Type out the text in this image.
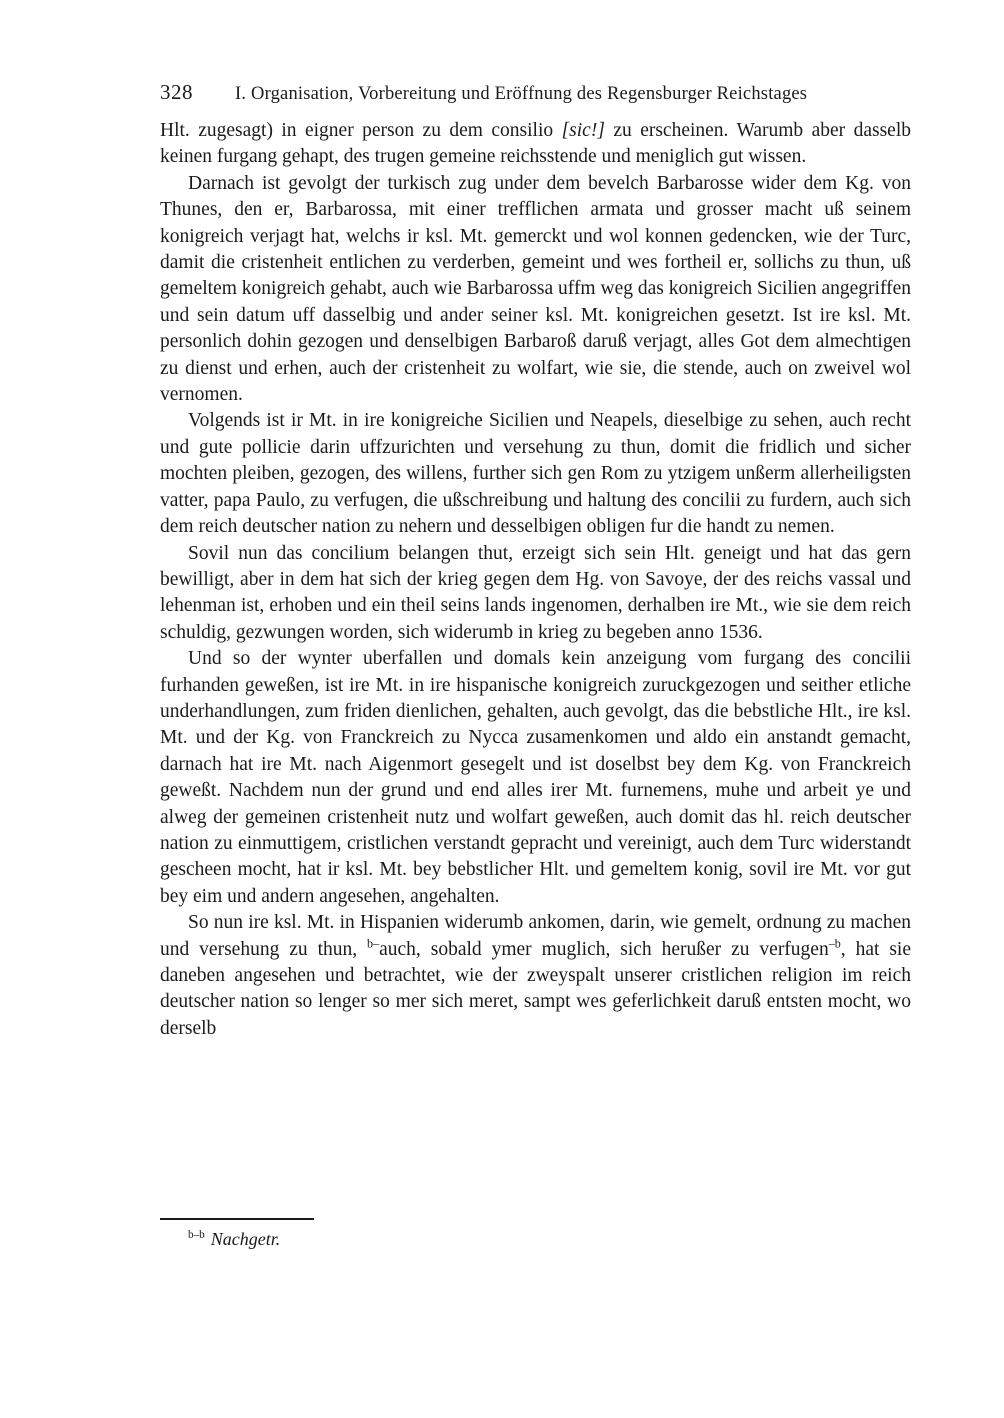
328 I. Organisation, Vorbereitung und Eröffnung des Regensburger Reichstages

Hlt. zugesagt) in eigner person zu dem consilio [sic!] zu erscheinen. Warumb aber dasselb keinen furgang gehapt, des trugen gemeine reichsstende und meniglich gut wissen.

Darnach ist gevolgt der turkisch zug under dem bevelch Barbarosse wider dem Kg. von Thunes, den er, Barbarossa, mit einer trefflichen armata und grosser macht uß seinem konigreich verjagt hat, welchs ir ksl. Mt. gemerckt und wol konnen gedencken, wie der Turc, damit die cristenheit entlichen zu verderben, gemeint und wes fortheil er, sollichs zu thun, uß gemeltem konigreich gehabt, auch wie Barbarossa uffm weg das konigreich Sicilien angegriffen und sein datum uff dasselbig und ander seiner ksl. Mt. konigreichen gesetzt. Ist ire ksl. Mt. personlich dohin gezogen und denselbigen Barbaroß daruß verjagt, alles Got dem almechtigen zu dienst und erhen, auch der cristenheit zu wolfart, wie sie, die stende, auch on zweivel wol vernomen.

Volgends ist ir Mt. in ire konigreiche Sicilien und Neapels, dieselbige zu sehen, auch recht und gute pollicie darin uffzurichten und versehung zu thun, domit die fridlich und sicher mochten pleiben, gezogen, des willens, further sich gen Rom zu ytzigem unßerm allerheiligsten vatter, papa Paulo, zu verfugen, die ußschreibung und haltung des concilii zu furdern, auch sich dem reich deutscher nation zu nehern und desselbigen obligen fur die handt zu nemen.

Sovil nun das concilium belangen thut, erzeigt sich sein Hlt. geneigt und hat das gern bewilligt, aber in dem hat sich der krieg gegen dem Hg. von Savoye, der des reichs vassal und lehenman ist, erhoben und ein theil seins lands ingenomen, derhalben ire Mt., wie sie dem reich schuldig, gezwungen worden, sich widerumb in krieg zu begeben anno 1536.

Und so der wynter uberfallen und domals kein anzeigung vom furgang des concilii furhanden geweßen, ist ire Mt. in ire hispanische konigreich zuruckgezogen und seither etliche underhandlungen, zum friden dienlichen, gehalten, auch gevolgt, das die bebstliche Hlt., ire ksl. Mt. und der Kg. von Franckreich zu Nycca zusamenkomen und aldo ein anstandt gemacht, darnach hat ire Mt. nach Aigenmort gesegelt und ist doselbst bey dem Kg. von Franckreich geweßt. Nachdem nun der grund und end alles irer Mt. furnemens, muhe und arbeit ye und alweg der gemeinen cristenheit nutz und wolfart geweßen, auch domit das hl. reich deutscher nation zu einmuttigem, cristlichen verstandt gepracht und vereinigt, auch dem Turc widerstandt gescheen mocht, hat ir ksl. Mt. bey bebstlicher Hlt. und gemeltem konig, sovil ire Mt. vor gut bey eim und andern angesehen, angehalten.

So nun ire ksl. Mt. in Hispanien widerumb ankomen, darin, wie gemelt, ordnung zu machen und versehung zu thun, $^{b-}$auch, sobald ymer muglich, sich herußer zu verfugen$^{-b}$, hat sie daneben angesehen und betrachtet, wie der zweyspalt unserer cristlichen religion im reich deutscher nation so lenger so mer sich meret, sampt wes geferlichkeit daruß entsten mocht, wo derselb

$^{b-b}$ Nachgetr.
